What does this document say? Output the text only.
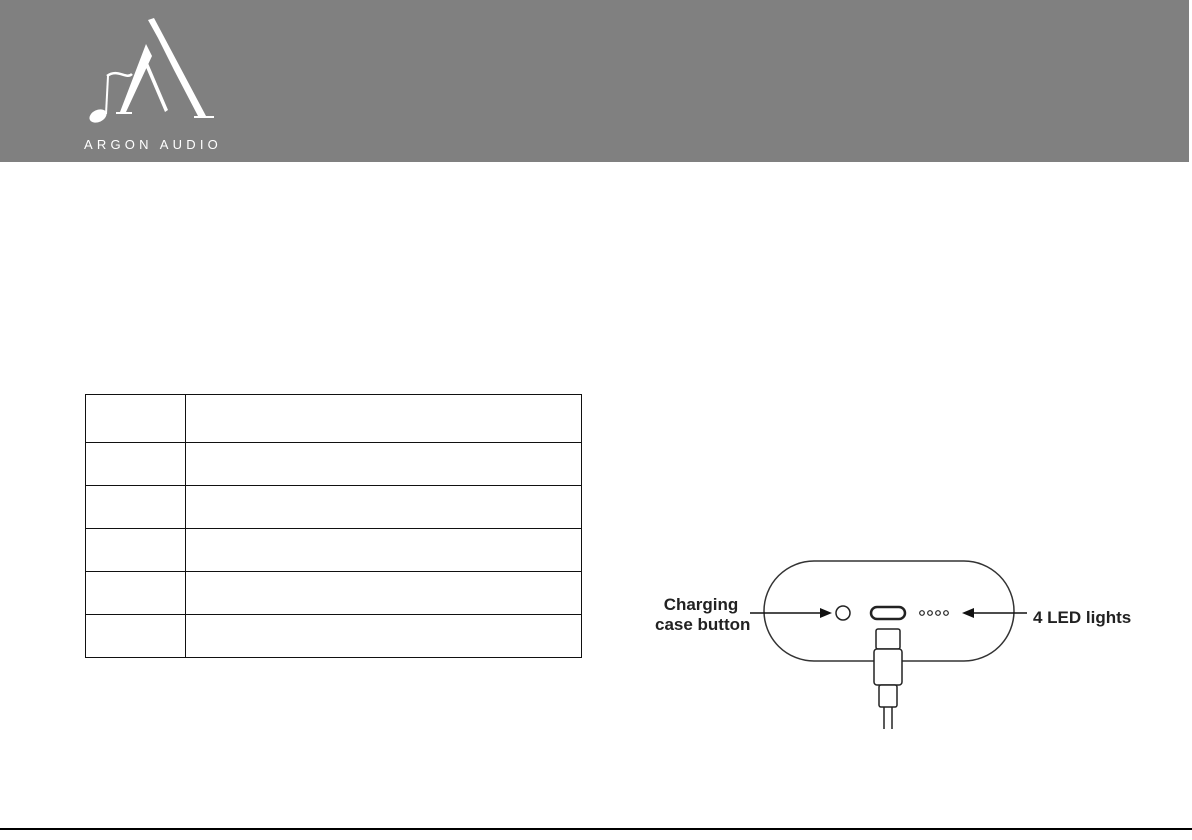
ARGON AUDIO

Charging
case button	4 LED lights
